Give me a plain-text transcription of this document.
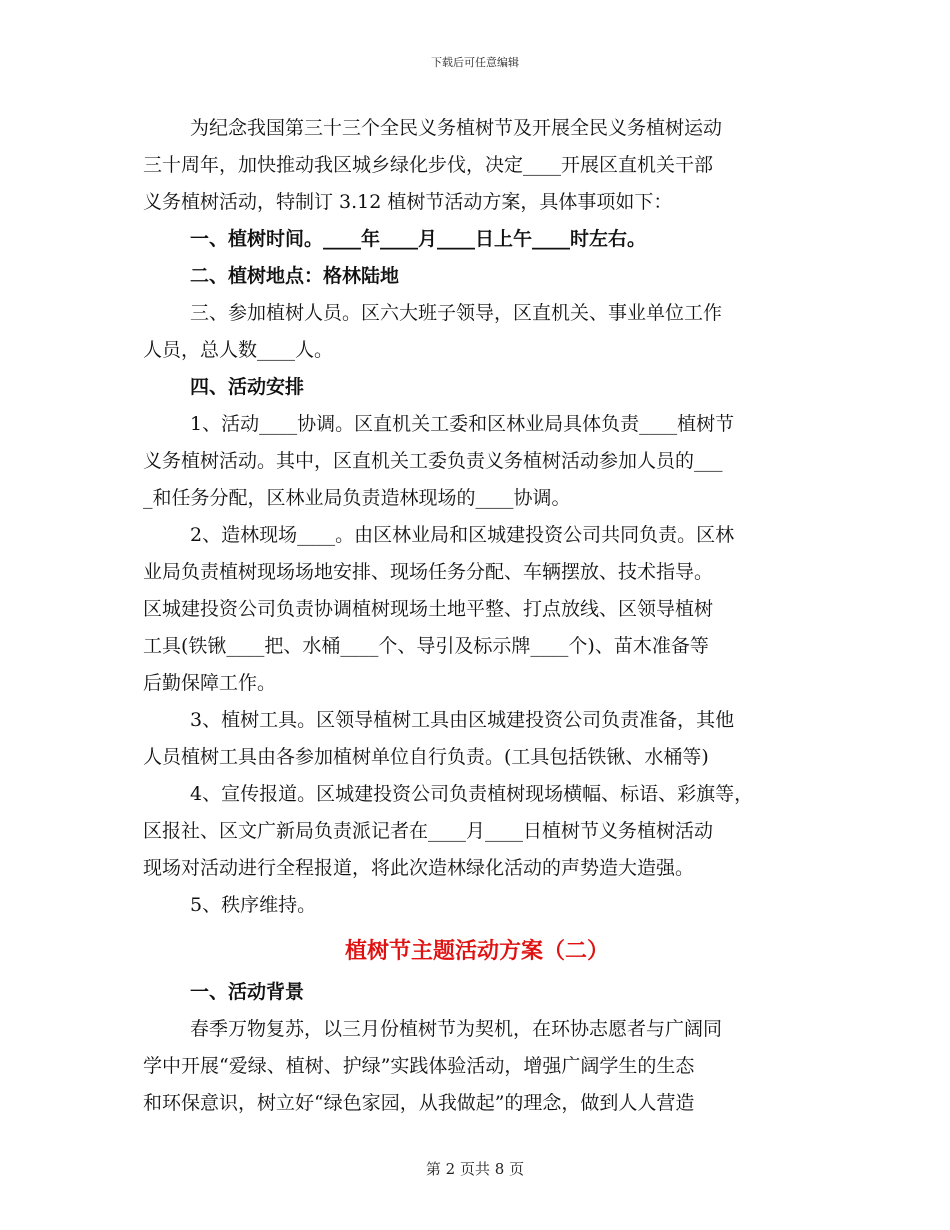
下载后可任意编辑

为纪念我国第三十三个全民义务植树节及开展全民义务植树运动

三十周年，加快推动我区城乡绿化步伐，决定____开展区直机关干部

义务植树活动，特制订 3.12 植树节活动方案，具体事项如下：

一、植树时间。____年____月____日上午____时左右。

二、植树地点：格林陆地

三、参加植树人员。区六大班子领导，区直机关、事业单位工作

人员，总人数____人。

四、活动安排

1、活动____协调。区直机关工委和区林业局具体负责____植树节

义务植树活动。其中，区直机关工委负责义务植树活动参加人员的___

_和任务分配，区林业局负责造林现场的____协调。

2、造林现场____。由区林业局和区城建投资公司共同负责。区林

业局负责植树现场场地安排、现场任务分配、车辆摆放、技术指导。

区城建投资公司负责协调植树现场土地平整、打点放线、区领导植树

工具(铁锹____把、水桶____个、导引及标示牌____个)、苗木准备等

后勤保障工作。

3、植树工具。区领导植树工具由区城建投资公司负责准备，其他

人员植树工具由各参加植树单位自行负责。(工具包括铁锹、水桶等)

4、宣传报道。区城建投资公司负责植树现场横幅、标语、彩旗等，

区报社、区文广新局负责派记者在____月____日植树节义务植树活动

现场对活动进行全程报道，将此次造林绿化活动的声势造大造强。

5、秩序维持。

植树节主题活动方案（二）

一、活动背景

春季万物复苏，以三月份植树节为契机，在环协志愿者与广阔同

学中开展“爱绿、植树、护绿”实践体验活动，增强广阔学生的生态

和环保意识，树立好“绿色家园，从我做起”的理念，做到人人营造

第 2 页共 8 页
